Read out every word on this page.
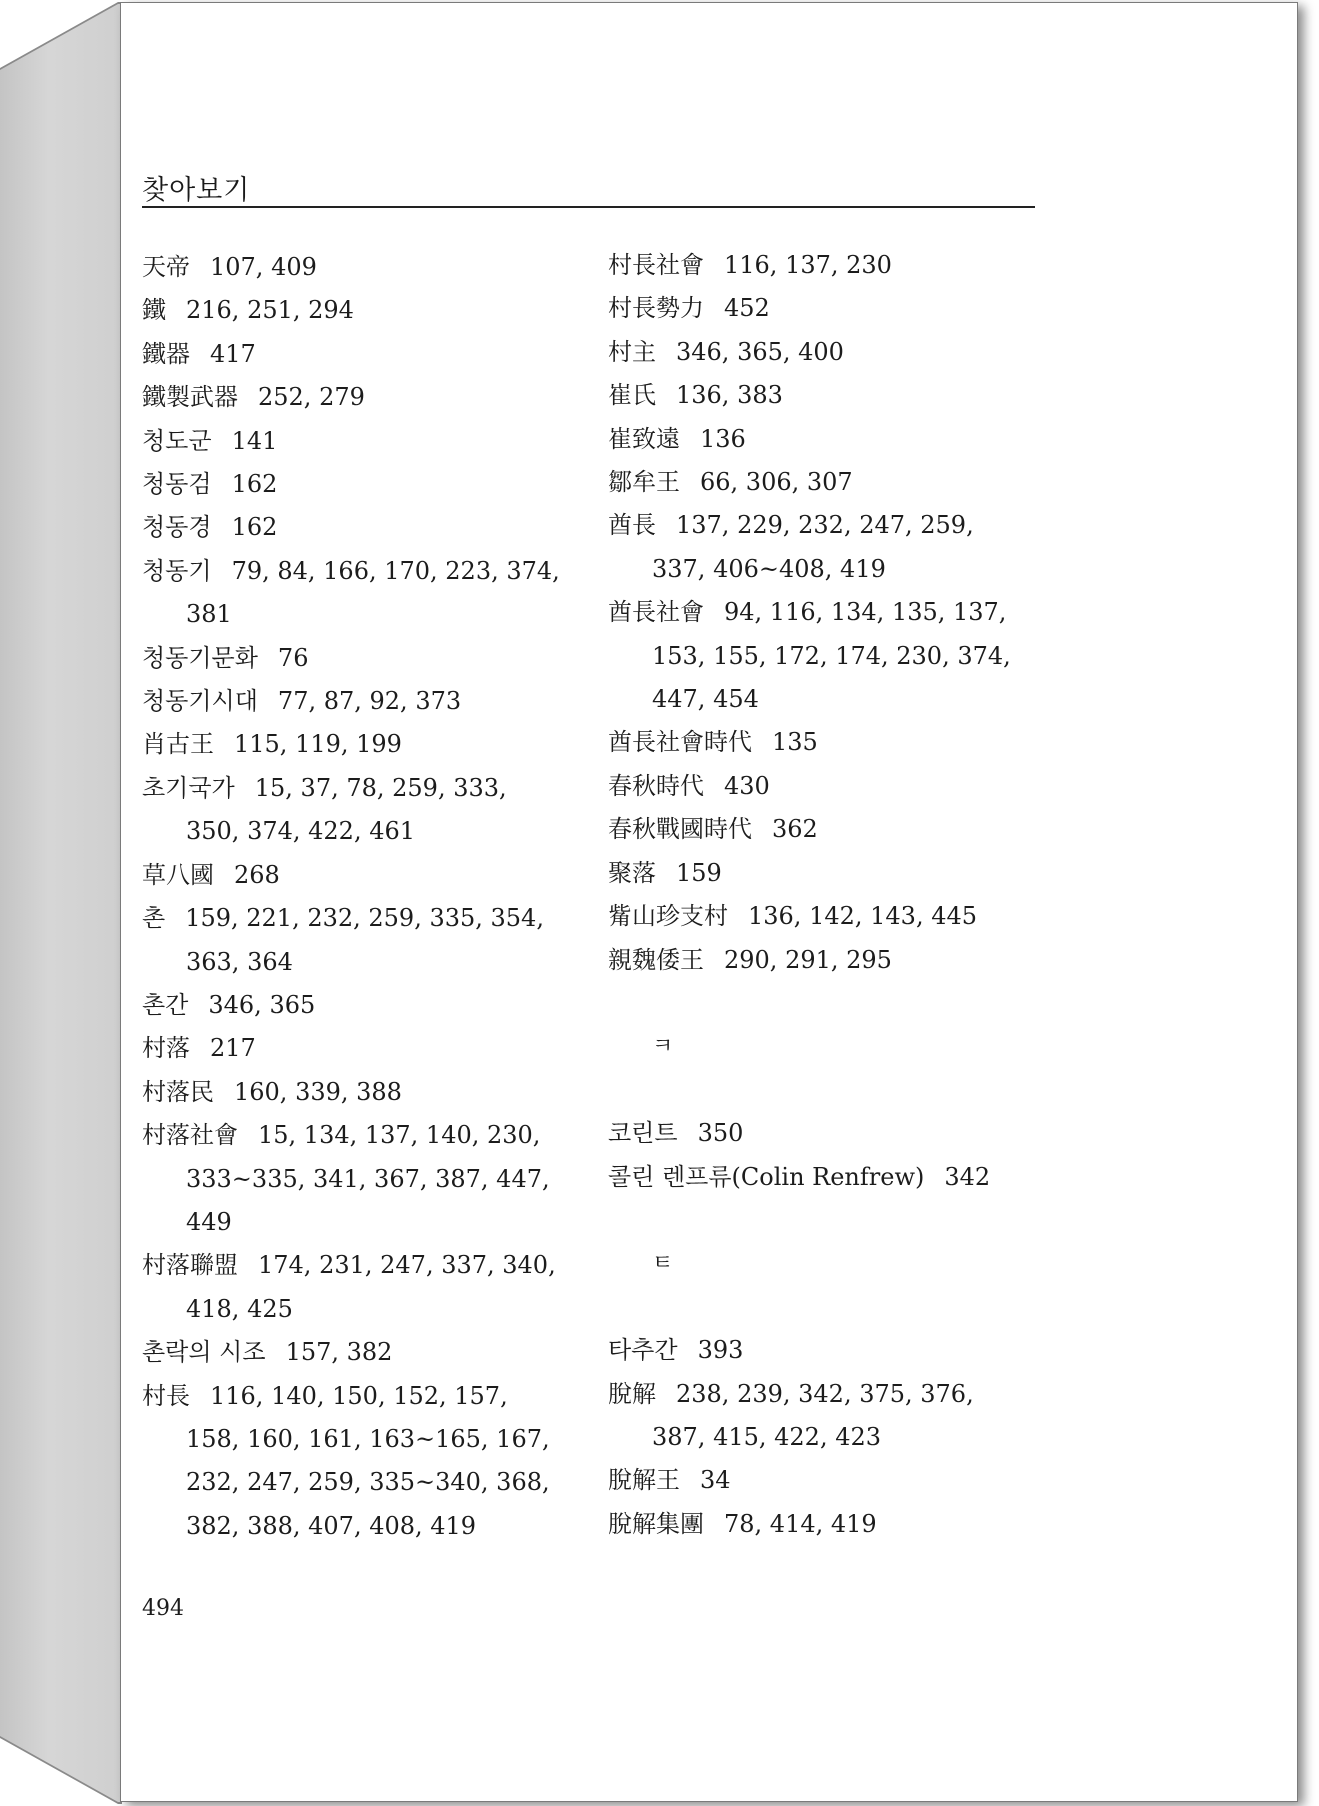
찾아보기
天帝 107, 409
鐵 216, 251, 294
鐵器 417
鐵製武器 252, 279
청도군 141
청동검 162
청동경 162
청동기 79, 84, 166, 170, 223, 374,
381
청동기문화 76
청동기시대 77, 87, 92, 373
肖古王 115, 119, 199
초기국가 15, 37, 78, 259, 333,
350, 374, 422, 461
草八國 268
촌 159, 221, 232, 259, 335, 354,
363, 364
촌간 346, 365
村落 217
村落民 160, 339, 388
村落社會 15, 134, 137, 140, 230,
333~335, 341, 367, 387, 447,
449
村落聯盟 174, 231, 247, 337, 340,
418, 425
촌락의 시조 157, 382
村長 116, 140, 150, 152, 157,
158, 160, 161, 163~165, 167,
232, 247, 259, 335~340, 368,
382, 388, 407, 408, 419
村長社會 116, 137, 230
村長勢力 452
村主 346, 365, 400
崔氏 136, 383
崔致遠 136
鄒牟王 66, 306, 307
酋長 137, 229, 232, 247, 259,
337, 406~408, 419
酋長社會 94, 116, 134, 135, 137,
153, 155, 172, 174, 230, 374,
447, 454
酋長社會時代 135
春秋時代 430
春秋戰國時代 362
聚落 159
觜山珍支村 136, 142, 143, 445
親魏倭王 290, 291, 295
ㅋ
코린트 350
콜린 렌프류(Colin Renfrew) 342
ㅌ
타추간 393
脫解 238, 239, 342, 375, 376,
387, 415, 422, 423
脫解王 34
脫解集團 78, 414, 419
494
